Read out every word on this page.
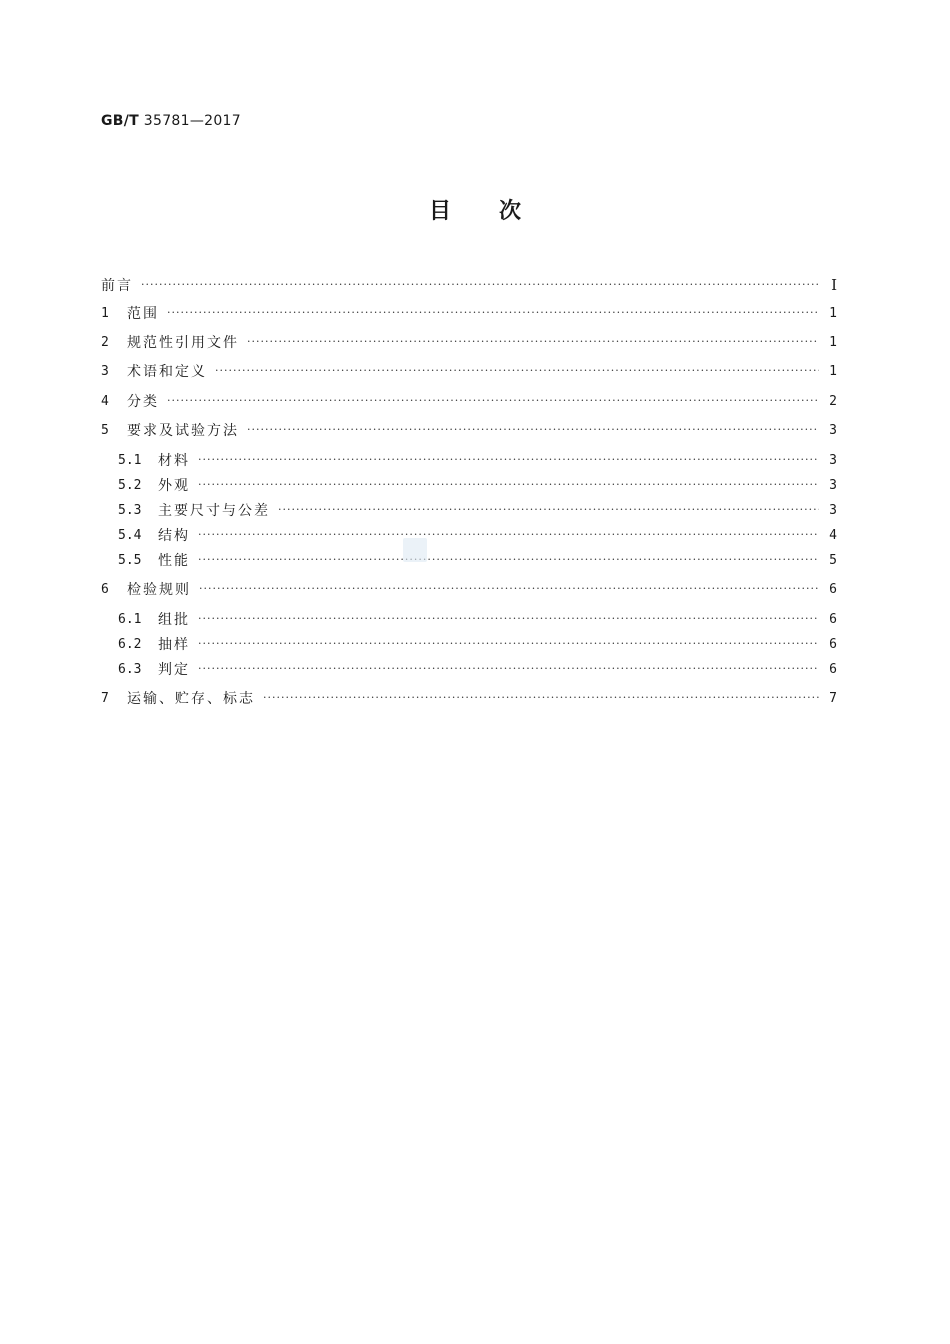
GB/T 35781—2017
目次
前言 ·····	I
1	范围 ·····	1
2	规范性引用文件 ·····	1
3	术语和定义 ·····	1
4	分类 ·····	2
5	要求及试验方法 ·····	3
5.1	材料 ·····	3
5.2	外观 ·····	3
5.3	主要尺寸与公差 ·····	3
5.4	结构 ·····	4
5.5	性能 ·····	5
6	检验规则 ·····	6
6.1	组批 ·····	6
6.2	抽样 ·····	6
6.3	判定 ·····	6
7	运输、贮存、标志 ·····	7
